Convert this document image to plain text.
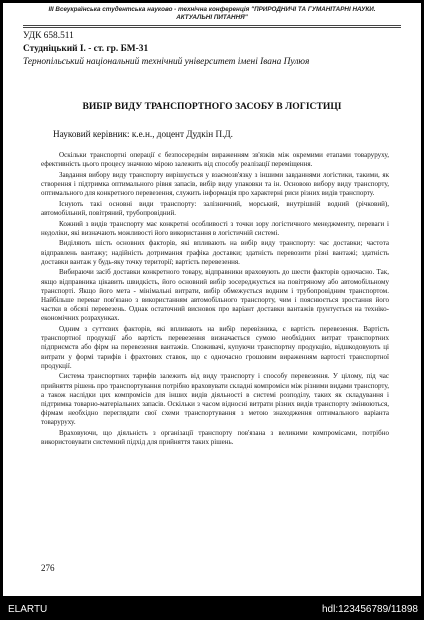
III Всеукраїнська студентська науково - технічна конференція "ПРИРОДНИЧІ ТА ГУМАНІТАРНІ НАУКИ.
АКТУАЛЬНІ ПИТАННЯ"
УДК 658.511
Студніцький І. - ст. гр. БМ-31
Тернопільський національний технічний університет імені Івана Пулюя
ВИБІР ВИДУ ТРАНСПОРТНОГО ЗАСОБУ В ЛОГІСТИЦІ
Науковий керівник: к.е.н., доцент Дудкін П.Д.

Оскільки транспортні операції є безпосереднім вираженням зв'язків між окремими етапами товаруруху, ефективність цього процесу значною мірою залежить від способу реалізації переміщення.

Завдання вибору виду транспорту вирішується у взаємозв'язку з іншими завданнями логістики, такими, як створення і підтримка оптимального рівня запасів, вибір виду упаковки та ін. Основою вибору виду транспорту, оптимального для конкретного перевезення, служить інформація про характерні риси різних видів транспорту.

Існують такі основні види транспорту: залізничний, морський, внутрішній водний (річковий), автомобільний, повітряний, трубопровідний.

Кожний з видів транспорту має конкретні особливості з точки зору логістичного менеджменту, переваги і недоліки, які визначають можливості його використання в логістичній системі.

Виділяють шість основних факторів, які впливають на вибір виду транспорту: час доставки; частота відправлень вантажу; надійність дотримання графіка доставки; здатність перевозити різні вантажі; здатність доставки вантаж у будь-яку точку території; вартість перевезення.

Вибираючи засіб доставки конкретного товару, відправники враховують до шести факторів одночасно. Так, якщо відправника цікавить швидкість, його основний вибір зосереджується на повітряному або автомобільному транспорті. Якщо його мета - мінімальні витрати, вибір обмежується водним і трубопровідним транспортом. Найбільше переваг пов'язано з використанням автомобільного транспорту, чим і пояснюється зростання його частки в обсязі перевезень. Однак остаточний висновок про варіант доставки вантажів ґрунтується на техніко-економічних розрахунках.

Одним з суттєвих факторів, які впливають на вибір перевізника, є вартість перевезення. Вартість транспортної продукції або вартість перевезення визначається сумою необхідних витрат транспортних підприємств або фірм на перевезення вантажів. Споживачі, купуючи транспортну продукцію, відшкодовують ці витрати у формі тарифів і фрахтових ставок, що є одночасно грошовим вираженням вартості транспортної продукції.

Система транспортних тарифів залежить від виду транспорту і способу перевезення. У цілому, під час прийняття рішень про транспортування потрібно враховувати складні компроміси між різними видами транспорту, а також наслідки цих компромісів для інших видів діяльності в системі розподілу, таких як складування і підтримка товарно-матеріальних запасів. Оскільки з часом відносні витрати різних видів транспорту змінюються, фірмам необхідно переглядати свої схеми транспортування з метою знаходження оптимального варіанта товаруруху.

Враховуючи, що діяльність з організації транспорту пов'язана з великими компромісами, потрібно використовувати системний підхід для прийняття таких рішень.

276
ELARTU	hdl:123456789/11898
